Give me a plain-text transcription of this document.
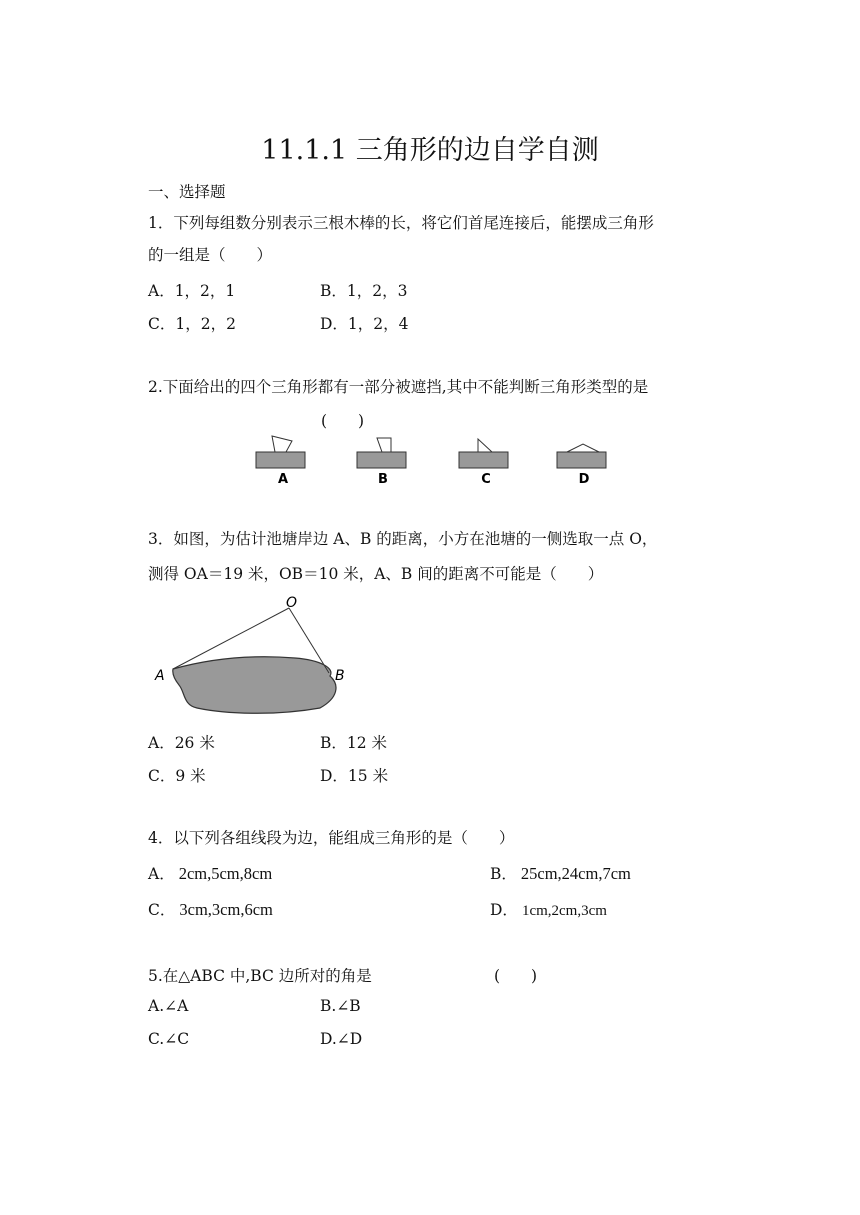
11.1.1 三角形的边自学自测
一、选择题
1．下列每组数分别表示三根木棒的长，将它们首尾连接后，能摆成三角形
的一组是（　　）
A．1，2，1	B．1，2，3
C．1，2，2	D．1，2，4
2.下面给出的四个三角形都有一部分被遮挡,其中不能判断三角形类型的是
(　　)
A	B	C	D
3．如图，为估计池塘岸边 A、B 的距离，小方在池塘的一侧选取一点 O，
测得 OA＝19 米，OB＝10 米，A、B 间的距离不可能是（　　）
O
A	B
A．26 米	B．12 米
C．9 米	D．15 米
4．以下列各组线段为边，能组成三角形的是（　　）
A． 2cm,5cm,8cm	B． 25cm,24cm,7cm
C． 3cm,3cm,6cm	D． 1cm,2cm,3cm
5.在△ABC 中,BC 边所对的角是	(　　)
A.∠A	B.∠B
C.∠C	D.∠D
